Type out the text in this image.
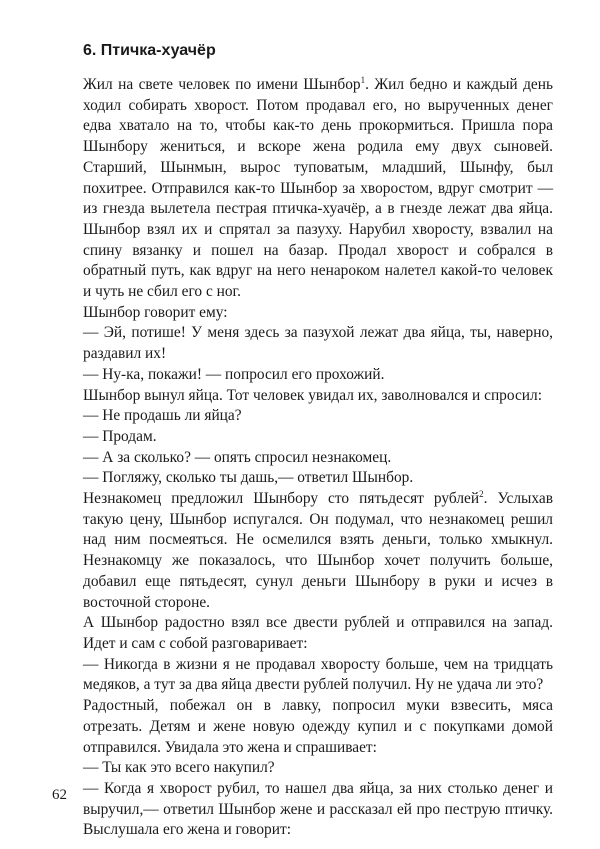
6. Птичка-хуачёр

Жил на свете человек по имени Шынбор$^1$. Жил бедно и каждый день ходил собирать хворост. Потом продавал его, но вырученных денег едва хватало на то, чтобы как-то день прокормиться. Пришла пора Шынбору жениться, и вскоре жена родила ему двух сыновей. Старший, Шынмын, вырос туповатым, младший, Шынфу, был похитрее. Отправился как-то Шынбор за хворостом, вдруг смотрит — из гнезда вылетела пестрая птичка-хуачёр, а в гнезде лежат два яйца. Шынбор взял их и спрятал за пазуху. Нарубил хворосту, взвалил на спину вязанку и пошел на базар. Продал хворост и собрался в обратный путь, как вдруг на него ненароком налетел какой-то человек и чуть не сбил его с ног.

Шынбор говорит ему:

— Эй, потише! У меня здесь за пазухой лежат два яйца, ты, наверно, раздавил их!

— Ну-ка, покажи! — попросил его прохожий.

Шынбор вынул яйца. Тот человек увидал их, заволновался и спросил:

— Не продашь ли яйца?

— Продам.

— А за сколько? — опять спросил незнакомец.

— Погляжу, сколько ты дашь,— ответил Шынбор.

Незнакомец предложил Шынбору сто пятьдесят рублей$^2$. Услыхав такую цену, Шынбор испугался. Он подумал, что незнакомец решил над ним посмеяться. Не осмелился взять деньги, только хмыкнул. Незнакомцу же показалось, что Шынбор хочет получить больше, добавил еще пятьдесят, сунул деньги Шынбору в руки и исчез в восточной стороне.

А Шынбор радостно взял все двести рублей и отправился на запад. Идет и сам с собой разговаривает:

— Никогда в жизни я не продавал хворосту больше, чем на тридцать медяков, а тут за два яйца двести рублей получил. Ну не удача ли это?

Радостный, побежал он в лавку, попросил муки взвесить, мяса отрезать. Детям и жене новую одежду купил и с покупками домой отправился. Увидала это жена и спрашивает:

— Ты как это всего накупил?

— Когда я хворост рубил, то нашел два яйца, за них столько денег и выручил,— ответил Шынбор жене и рассказал ей про пеструю птичку. Выслушала его жена и говорит:

62
